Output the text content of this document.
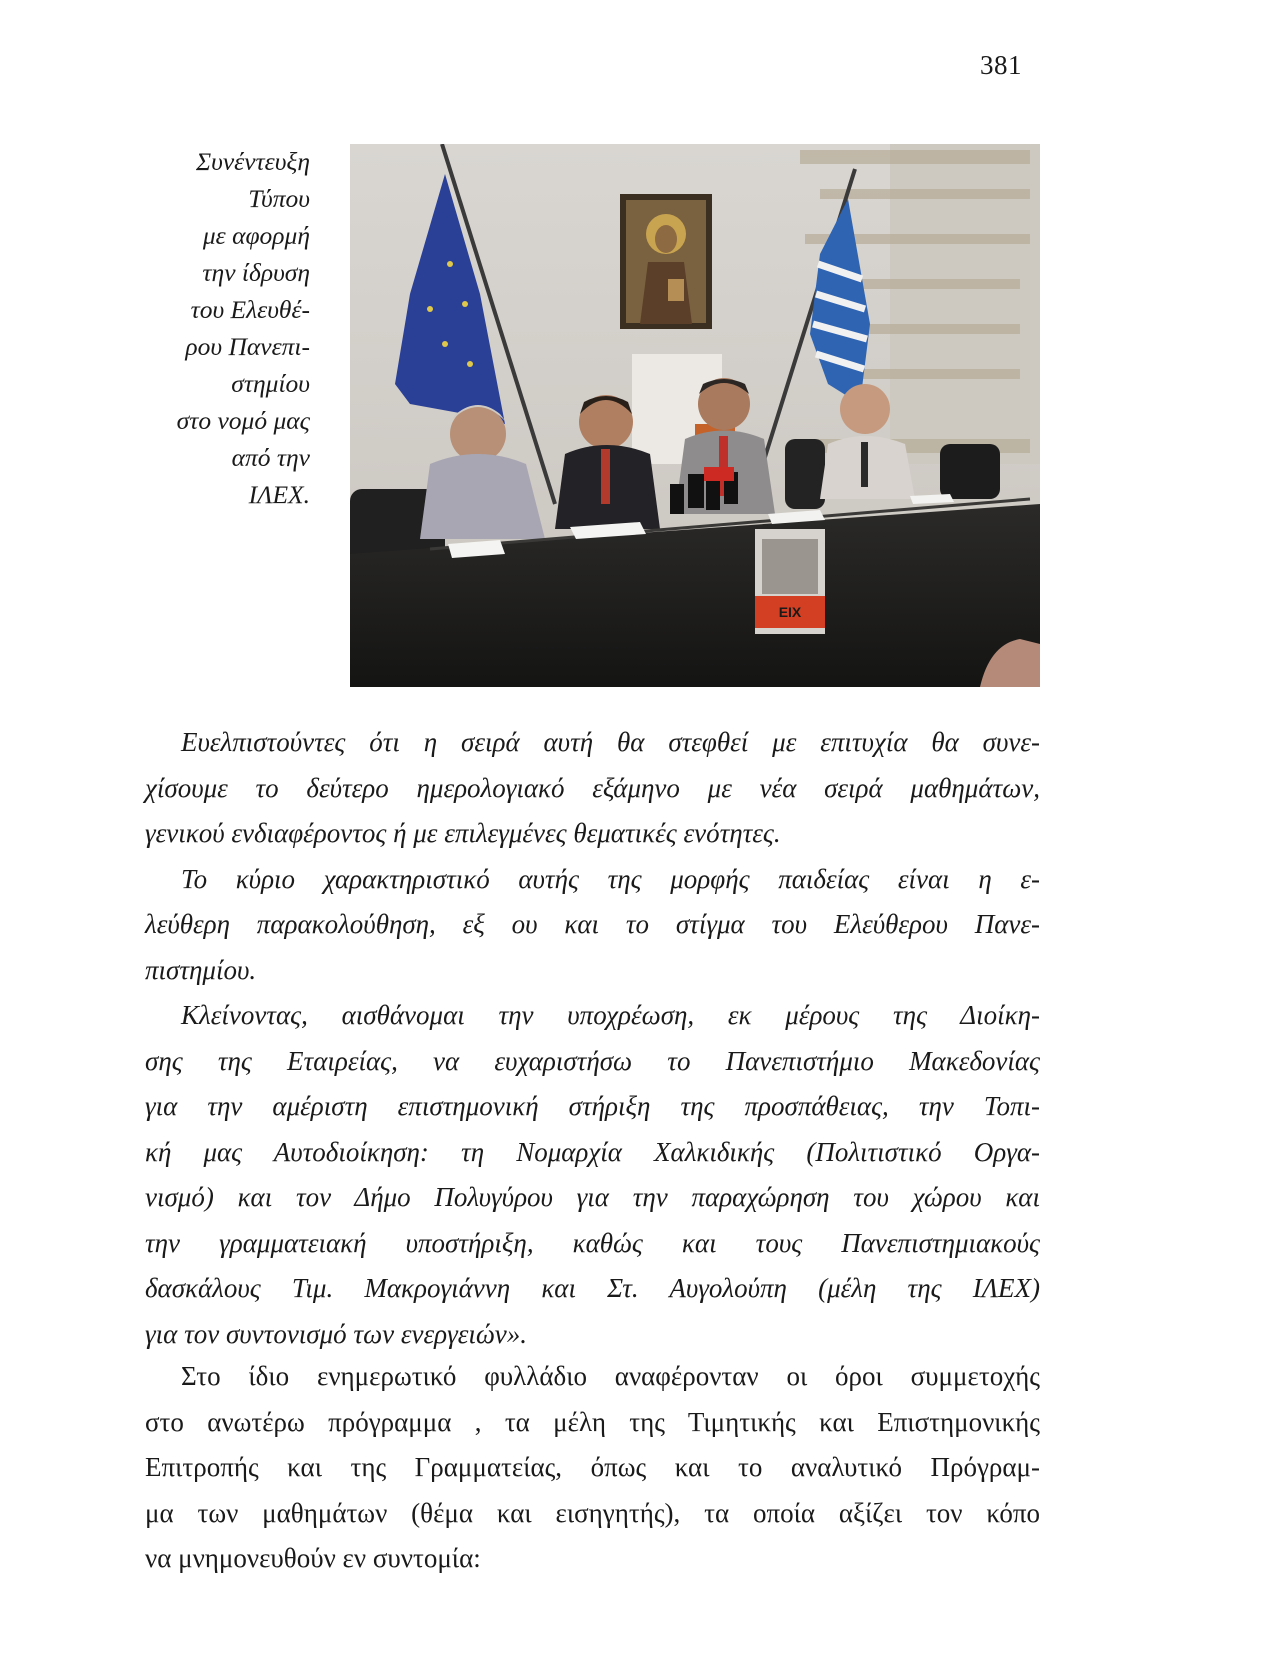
381
Συνέντευξη
Τύπου
με αφορμή
την ίδρυση
του Ελευθέ-
ρου Πανεπι-
στημίου
στο νομό μας
από την
ΙΛΕΧ.
ΕΙΧ

Ευελπιστούντες ότι η σειρά αυτή θα στεφθεί με επιτυχία θα συνε-
χίσουμε το δεύτερο ημερολογιακό εξάμηνο με νέα σειρά μαθημάτων,
γενικού ενδιαφέροντος ή με επιλεγμένες θεματικές ενότητες.

Το κύριο χαρακτηριστικό αυτής της μορφής παιδείας είναι η ε-
λεύθερη παρακολούθηση, εξ ου και το στίγμα του Ελεύθερου Πανε-
πιστημίου.

Κλείνοντας, αισθάνομαι την υποχρέωση, εκ μέρους της Διοίκη-
σης της Εταιρείας, να ευχαριστήσω το Πανεπιστήμιο Μακεδονίας
για την αμέριστη επιστημονική στήριξη της προσπάθειας, την Τοπι-
κή μας Αυτοδιοίκηση: τη Νομαρχία Χαλκιδικής (Πολιτιστικό Οργα-
νισμό) και τον Δήμο Πολυγύρου για την παραχώρηση του χώρου και
την γραμματειακή υποστήριξη, καθώς και τους Πανεπιστημιακούς
δασκάλους Τιμ. Μακρογιάννη και Στ. Αυγολούπη (μέλη της ΙΛΕΧ)
για τον συντονισμό των ενεργειών».

Στο ίδιο ενημερωτικό φυλλάδιο αναφέρονταν οι όροι συμμετοχής
στο ανωτέρω πρόγραμμα , τα μέλη της Τιμητικής και Επιστημονικής
Επιτροπής και της Γραμματείας, όπως και το αναλυτικό Πρόγραμ-
μα των μαθημάτων (θέμα και εισηγητής), τα οποία αξίζει τον κόπο
να μνημονευθούν εν συντομία:
